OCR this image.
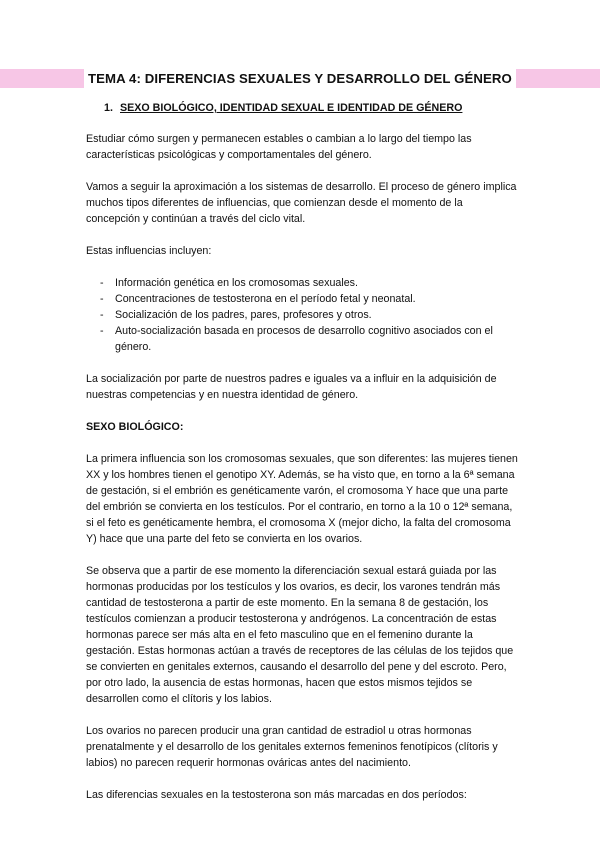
TEMA 4: DIFERENCIAS SEXUALES Y DESARROLLO DEL GÉNERO
1. SEXO BIOLÓGICO, IDENTIDAD SEXUAL E IDENTIDAD DE GÉNERO

Estudiar cómo surgen y permanecen estables o cambian a lo largo del tiempo las características psicológicas y comportamentales del género.

Vamos a seguir la aproximación a los sistemas de desarrollo. El proceso de género implica muchos tipos diferentes de influencias, que comienzan desde el momento de la concepción y continúan a través del ciclo vital.

Estas influencias incluyen:

- Información genética en los cromosomas sexuales.
- Concentraciones de testosterona en el período fetal y neonatal.
- Socialización de los padres, pares, profesores y otros.
- Auto-socialización basada en procesos de desarrollo cognitivo asociados con el género.

La socialización por parte de nuestros padres e iguales va a influir en la adquisición de nuestras competencias y en nuestra identidad de género.

SEXO BIOLÓGICO:

La primera influencia son los cromosomas sexuales, que son diferentes: las mujeres tienen XX y los hombres tienen el genotipo XY. Además, se ha visto que, en torno a la 6ª semana de gestación, si el embrión es genéticamente varón, el cromosoma Y hace que una parte del embrión se convierta en los testículos. Por el contrario, en torno a la 10 o 12ª semana, si el feto es genéticamente hembra, el cromosoma X (mejor dicho, la falta del cromosoma Y) hace que una parte del feto se convierta en los ovarios.

Se observa que a partir de ese momento la diferenciación sexual estará guiada por las hormonas producidas por los testículos y los ovarios, es decir, los varones tendrán más cantidad de testosterona a partir de este momento. En la semana 8 de gestación, los testículos comienzan a producir testosterona y andrógenos. La concentración de estas hormonas parece ser más alta en el feto masculino que en el femenino durante la gestación. Estas hormonas actúan a través de receptores de las células de los tejidos que se convierten en genitales externos, causando el desarrollo del pene y del escroto. Pero, por otro lado, la ausencia de estas hormonas, hacen que estos mismos tejidos se desarrollen como el clítoris y los labios.

Los ovarios no parecen producir una gran cantidad de estradiol u otras hormonas prenatalmente y el desarrollo de los genitales externos femeninos fenotípicos (clítoris y labios) no parecen requerir hormonas ováricas antes del nacimiento.

Las diferencias sexuales en la testosterona son más marcadas en dos períodos:
